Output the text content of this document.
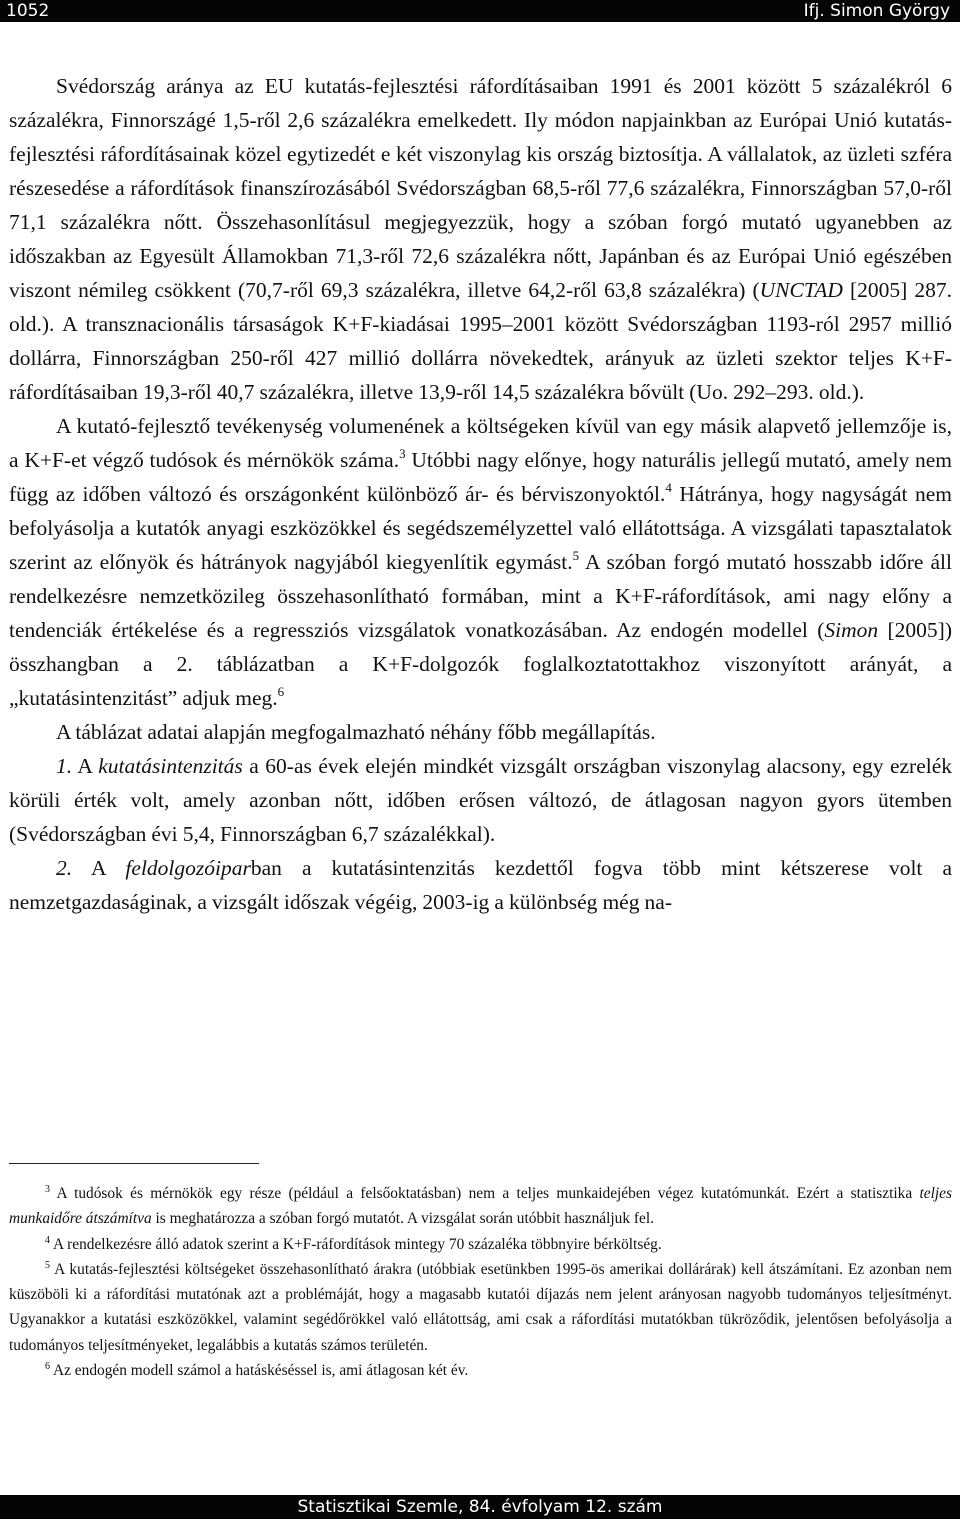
1052	Ifj. Simon György

Svédország aránya az EU kutatás-fejlesztési ráfordításaiban 1991 és 2001 között 5 százalékról 6 százalékra, Finnországé 1,5-ről 2,6 százalékra emelkedett. Ily módon napjainkban az Európai Unió kutatás-fejlesztési ráfordításainak közel egytizedét e két viszonylag kis ország biztosítja. A vállalatok, az üzleti szféra részesedése a ráfordítások finanszírozásából Svédországban 68,5-ről 77,6 százalékra, Finnországban 57,0-ről 71,1 százalékra nőtt. Összehasonlításul megjegyezzük, hogy a szóban forgó mutató ugyanebben az időszakban az Egyesült Államokban 71,3-ről 72,6 százalékra nőtt, Japánban és az Európai Unió egészében viszont némileg csökkent (70,7-ről 69,3 százalékra, illetve 64,2-ről 63,8 százalékra) (UNCTAD [2005] 287. old.). A transznacionális társaságok K+F-kiadásai 1995–2001 között Svédországban 1193-ról 2957 millió dollárra, Finnországban 250-ről 427 millió dollárra növekedtek, arányuk az üzleti szektor teljes K+F-ráfordításaiban 19,3-ről 40,7 százalékra, illetve 13,9-ről 14,5 százalékra bővült (Uo. 292–293. old.).

A kutató-fejlesztő tevékenység volumenének a költségeken kívül van egy másik alapvető jellemzője is, a K+F-et végző tudósok és mérnökök száma.$^3$ Utóbbi nagy előnye, hogy naturális jellegű mutató, amely nem függ az időben változó és országonként különböző ár- és bérviszonyoktól.$^4$ Hátránya, hogy nagyságát nem befolyásolja a kutatók anyagi eszközökkel és segédszemélyzettel való ellátottsága. A vizsgálati tapasztalatok szerint az előnyök és hátrányok nagyjából kiegyenlítik egymást.$^5$ A szóban forgó mutató hosszabb időre áll rendelkezésre nemzetközileg összehasonlítható formában, mint a K+F-ráfordítások, ami nagy előny a tendenciák értékelése és a regressziós vizsgálatok vonatkozásában. Az endogén modellel (Simon [2005]) összhangban a 2. táblázatban a K+F-dolgozók foglalkoztatottakhoz viszonyított arányát, a „kutatásintenzitást” adjuk meg.$^6$

A táblázat adatai alapján megfogalmazható néhány főbb megállapítás.

1. A kutatásintenzitás a 60-as évek elején mindkét vizsgált országban viszonylag alacsony, egy ezrelék körüli érték volt, amely azonban nőtt, időben erősen változó, de átlagosan nagyon gyors ütemben (Svédországban évi 5,4, Finnországban 6,7 százalékkal).

2. A feldolgozóiparban a kutatásintenzitás kezdettől fogva több mint kétszerese volt a nemzetgazdaságinak, a vizsgált időszak végéig, 2003-ig a különbség még na-

$^3$ A tudósok és mérnökök egy része (például a felsőoktatásban) nem a teljes munkaidejében végez kutatómunkát. Ezért a statisztika teljes munkaidőre átszámítva is meghatározza a szóban forgó mutatót. A vizsgálat során utóbbit használjuk fel.

$^4$ A rendelkezésre álló adatok szerint a K+F-ráfordítások mintegy 70 százaléka többnyire bérköltség.

$^5$ A kutatás-fejlesztési költségeket összehasonlítható árakra (utóbbiak esetünkben 1995-ös amerikai dollárárak) kell átszámítani. Ez azonban nem küszöböli ki a ráfordítási mutatónak azt a problémáját, hogy a magasabb kutatói díjazás nem jelent arányosan nagyobb tudományos teljesítményt. Ugyanakkor a kutatási eszközökkel, valamint segédőrökkel való ellátottság, ami csak a ráfordítási mutatókban tükröződik, jelentősen befolyásolja a tudományos teljesítményeket, legalábbis a kutatás számos területén.

$^6$ Az endogén modell számol a hatáskéséssel is, ami átlagosan két év.

Statisztikai Szemle, 84. évfolyam 12. szám
